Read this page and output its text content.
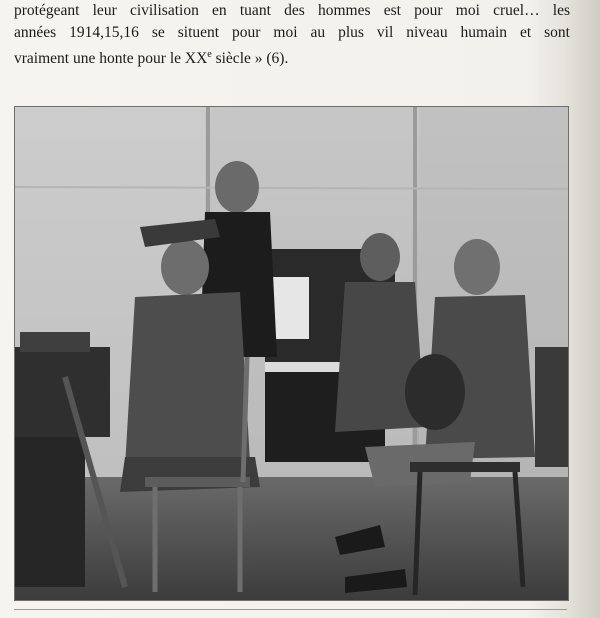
protégeant leur civilisation en tuant des hommes est pour moi cruel… les
années 1914,15,16 se situent pour moi au plus vil niveau humain et sont
vraiment une honte pour le XXe siècle » (6).
